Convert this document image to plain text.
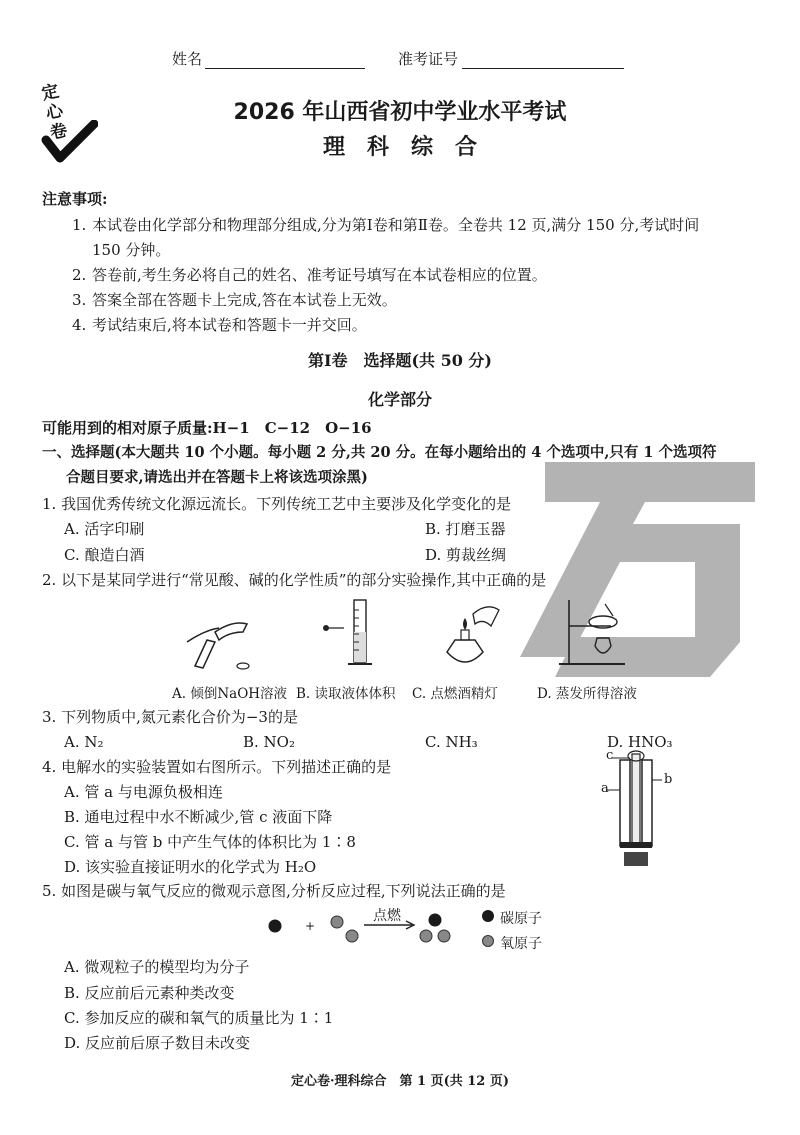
姓名	准考证号
定心卷
2026 年山西省初中学业水平考试
理　科　综　合
注意事项:
1. 本试卷由化学部分和物理部分组成,分为第Ⅰ卷和第Ⅱ卷。全卷共 12 页,满分 150 分,考试时间
150 分钟。
2. 答卷前,考生务必将自己的姓名、准考证号填写在本试卷相应的位置。
3. 答案全部在答题卡上完成,答在本试卷上无效。
4. 考试结束后,将本试卷和答题卡一并交回。
第Ⅰ卷　选择题(共 50 分)
化学部分
可能用到的相对原子质量:H−1　C−12　O−16
一、选择题(本大题共 10 个小题。每小题 2 分,共 20 分。在每小题给出的 4 个选项中,只有 1 个选项符
合题目要求,请选出并在答题卡上将该选项涂黑)
1. 我国优秀传统文化源远流长。下列传统工艺中主要涉及化学变化的是
A. 活字印刷	B. 打磨玉器
C. 酿造白酒	D. 剪裁丝绸
2. 以下是某同学进行“常见酸、碱的化学性质”的部分实验操作,其中正确的是
A. 倾倒NaOH溶液 B. 读取液体体积 C. 点燃酒精灯	D. 蒸发所得溶液
3. 下列物质中,氮元素化合价为−3的是
A. N₂	B. NO₂	C. NH₃	D. HNO₃
4. 电解水的实验装置如右图所示。下列描述正确的是
A. 管 a 与电源负极相连
B. 通电过程中水不断减少,管 c 液面下降
C. 管 a 与管 b 中产生气体的体积比为 1∶8
D. 该实验直接证明水的化学式为 H₂O
a
b
c
5. 如图是碳与氧气反应的微观示意图,分析反应过程,下列说法正确的是
+
点燃	碳原子
氧原子
A. 微观粒子的模型均为分子
B. 反应前后元素种类改变
C. 参加反应的碳和氧气的质量比为 1∶1
D. 反应前后原子数目未改变
定心卷·理科综合　第 1 页(共 12 页)
